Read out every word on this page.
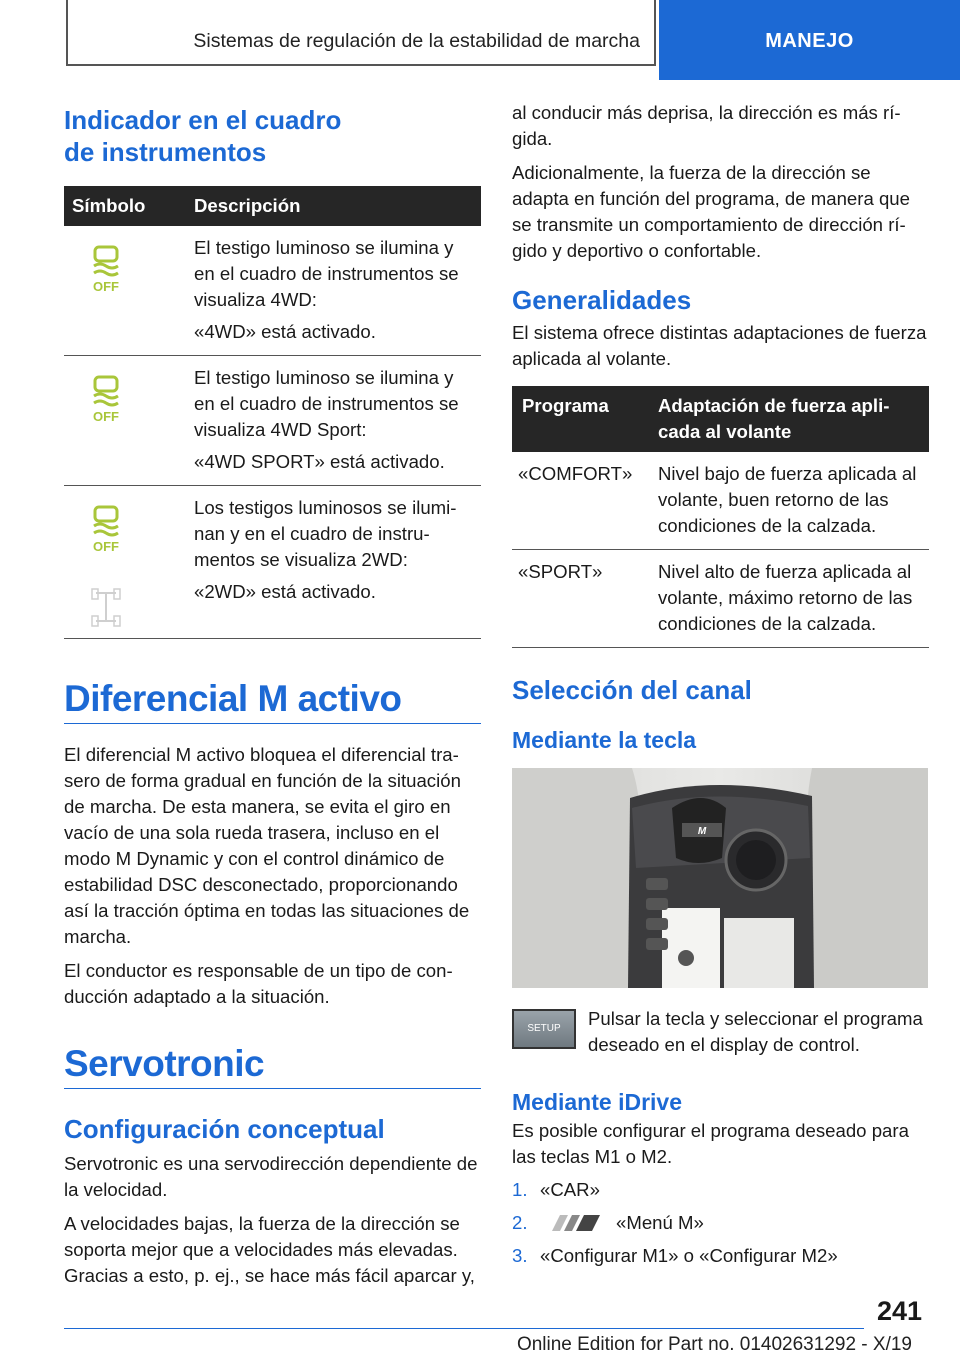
Sistemas de regulación de la estabilidad de marcha	MANEJO
Indicador en el cuadro
de instrumentos
Símbolo	Descripción

OFF	El testigo luminoso se ilumina y en el cuadro de instrumentos se visualiza 4WD:

«4WD» está activado.

OFF	El testigo luminoso se ilumina y en el cuadro de instrumentos se visualiza 4WD Sport:

«4WD SPORT» está activado.

OFF	Los testigos luminosos se ilumi-nan y en el cuadro de instru-mentos se visualiza 2WD:

«2WD» está activado.

Diferencial M activo

El diferencial M activo bloquea el diferencial tra-sero de forma gradual en función de la situación de marcha. De esta manera, se evita el giro en vacío de una sola rueda trasera, incluso en el modo M Dynamic y con el control dinámico de estabilidad DSC desconectado, proporcionando así la tracción óptima en todas las situaciones de marcha.

El conductor es responsable de un tipo de con-ducción adaptado a la situación.

Servotronic
Configuración conceptual

Servotronic es una servodirección dependiente de la velocidad.

A velocidades bajas, la fuerza de la dirección se soporta mejor que a velocidades más elevadas. Gracias a esto, p. ej., se hace más fácil aparcar y,

al conducir más deprisa, la dirección es más rí-gida.

Adicionalmente, la fuerza de la dirección se adapta en función del programa, de manera que se transmite un comportamiento de dirección rí-gido y deportivo o confortable.

Generalidades

El sistema ofrece distintas adaptaciones de fuerza aplicada al volante.

Programa	Adaptación de fuerza apli-cada al volante
«COMFORT»	Nivel bajo de fuerza aplicada al volante, buen retorno de las condiciones de la calzada.
«SPORT»	Nivel alto de fuerza aplicada al volante, máximo retorno de las condiciones de la calzada.
Selección del canal
Mediante la tecla
M
SETUP	Pulsar la tecla y seleccionar el programa deseado en el display de control.

Mediante iDrive

Es posible configurar el programa deseado para las teclas M1 o M2.

1. «CAR»
2.	«Menú M»
3. «Configurar M1» o «Configurar M2»
241
Online Edition for Part no. 01402631292 - X/19
